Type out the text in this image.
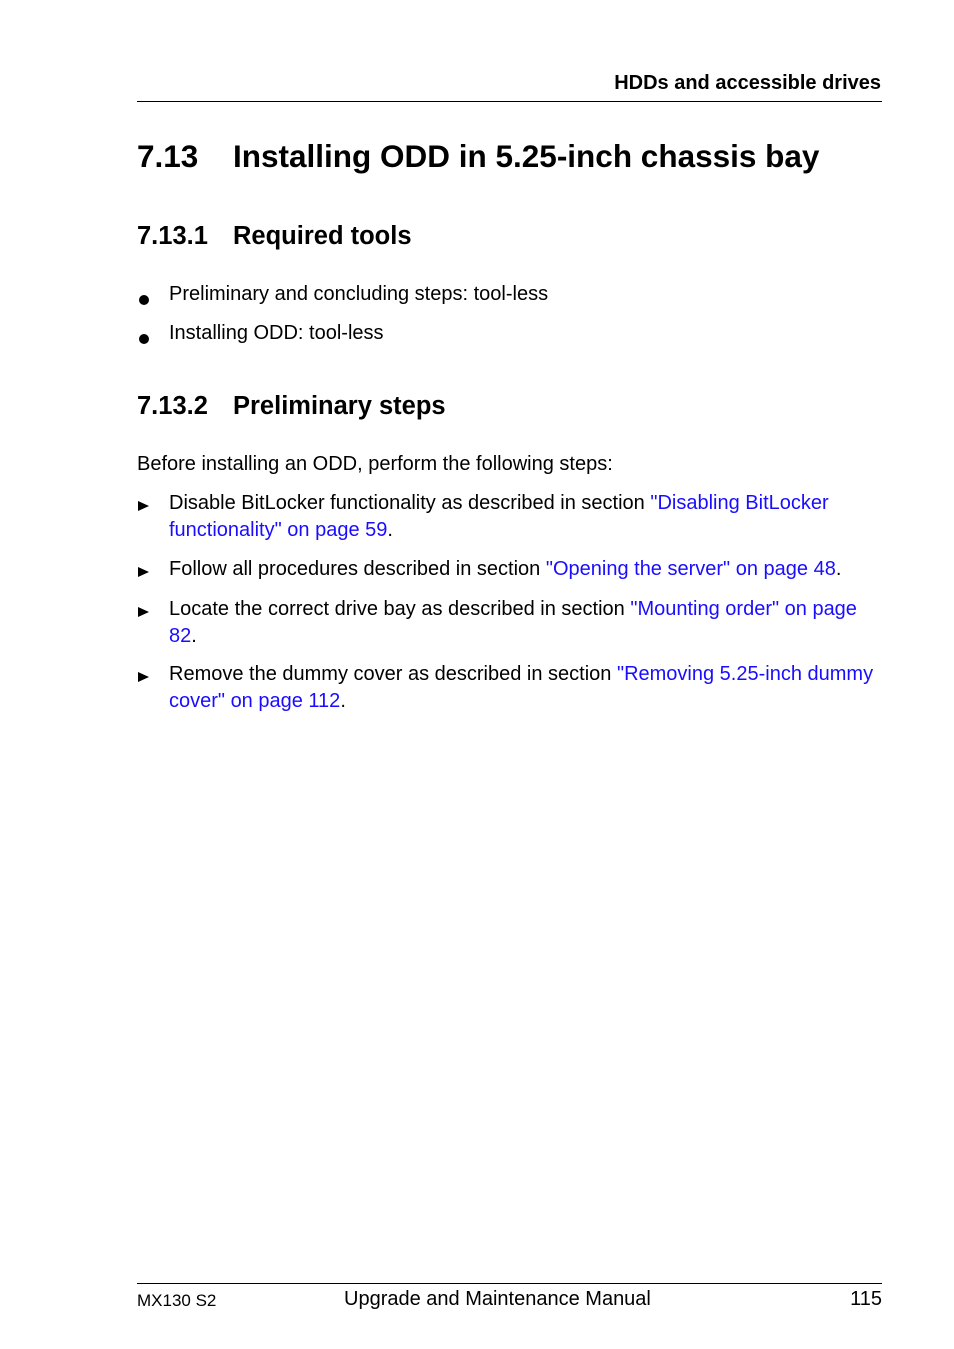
HDDs and accessible drives
7.13 Installing ODD in 5.25-inch chassis bay
7.13.1 Required tools
Preliminary and concluding steps: tool-less
Installing ODD: tool-less
7.13.2 Preliminary steps
Before installing an ODD, perform the following steps:
Disable BitLocker functionality as described in section "Disabling BitLocker functionality" on page 59.
Follow all procedures described in section "Opening the server" on page 48.
Locate the correct drive bay as described in section "Mounting order" on page 82.
Remove the dummy cover as described in section "Removing 5.25-inch dummy cover" on page 112.
MX130 S2	Upgrade and Maintenance Manual	115
